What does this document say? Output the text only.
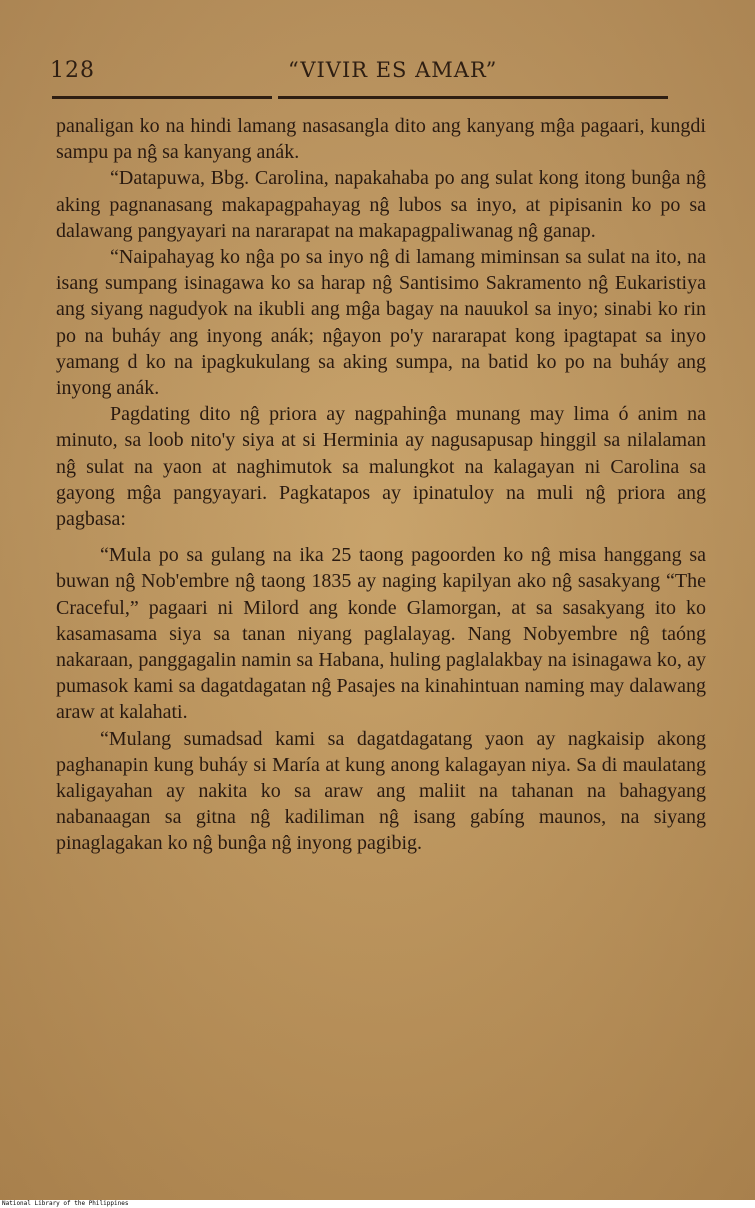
128	“VIVIR ES AMAR”

panaligan ko na hindi lamang nasasangla dito ang kanyang mĝa pagaari, kungdi sampu pa nĝ sa kanyang anák.

“Datapuwa, Bbg. Carolina, napakahaba po ang sulat kong itong bunĝa nĝ aking pagnanasang makapagpahayag nĝ lubos sa inyo, at pipisanin ko po sa dalawang pangyayari na nararapat na makapagpaliwanag nĝ ganap.

“Naipahayag ko nĝa po sa inyo nĝ di lamang miminsan sa sulat na ito, na isang sumpang isinagawa ko sa harap nĝ Santisimo Sakramento nĝ Eukaristiya ang siyang nagudyok na ikubli ang mĝa bagay na nauukol sa inyo; sinabi ko rin po na buháy ang inyong anák; nĝayon po'y nararapat kong ipagtapat sa inyo yamang d ko na ipagkukulang sa aking sumpa, na batid ko po na buháy ang inyong anák.

Pagdating dito nĝ priora ay nagpahinĝa munang may lima ó anim na minuto, sa loob nito'y siya at si Herminia ay nagusapusap hinggil sa nilalaman nĝ sulat na yaon at naghimutok sa malungkot na kalagayan ni Carolina sa gayong mĝa pangyayari. Pagkatapos ay ipinatuloy na muli nĝ priora ang pagbasa:

“Mula po sa gulang na ika 25 taong pagoorden ko nĝ misa hanggang sa buwan nĝ Nob'embre nĝ taong 1835 ay naging kapilyan ako nĝ sasakyang “The Craceful,” pagaari ni Milord ang konde Glamorgan, at sa sasakyang ito ko kasamasama siya sa tanan niyang paglalayag. Nang Nobyembre nĝ taóng nakaraan, panggagalin namin sa Habana, huling paglalakbay na isinagawa ko, ay pumasok kami sa dagatdagatan nĝ Pasajes na kinahintuan naming may dalawang araw at kalahati.

“Mulang sumadsad kami sa dagatdagatang yaon ay nagkaisip akong paghanapin kung buháy si María at kung anong kalagayan niya. Sa di maulatang kaligayahan ay nakita ko sa araw ang maliit na tahanan na bahagyang nabanaagan sa gitna nĝ kadiliman nĝ isang gabíng maunos, na siyang pinaglagakan ko nĝ bunĝa nĝ inyong pagibig.

National Library of the Philippines
